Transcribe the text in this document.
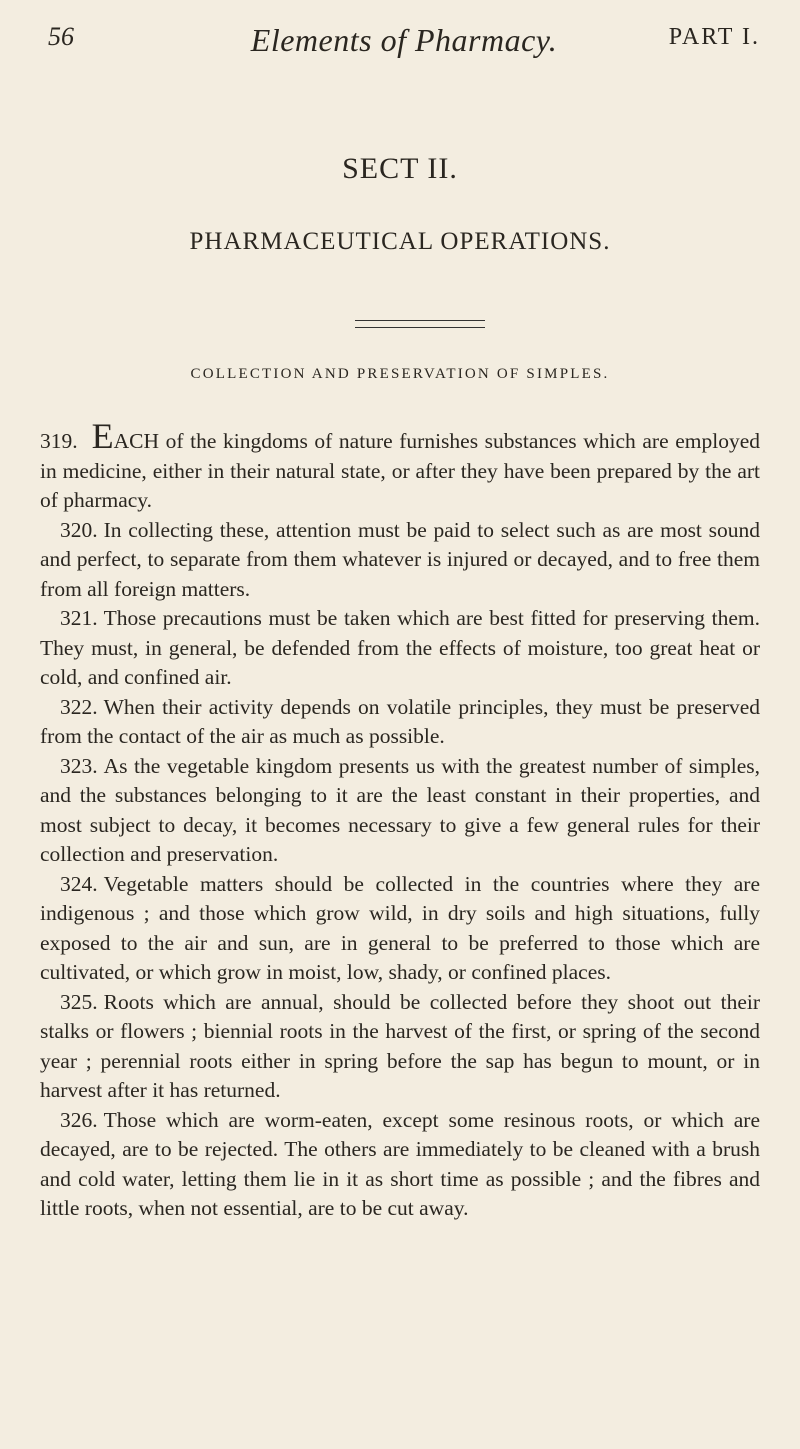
56	Elements of Pharmacy.	PART I.
SECT II.
PHARMACEUTICAL OPERATIONS.
COLLECTION AND PRESERVATION OF SIMPLES.

319. EACH of the kingdoms of nature furnishes substances which are employed in medicine, either in their natural state, or after they have been prepared by the art of pharmacy.

320. In collecting these, attention must be paid to select such as are most sound and perfect, to separate from them whatever is injured or decayed, and to free them from all foreign matters.

321. Those precautions must be taken which are best fitted for preserving them. They must, in general, be defended from the effects of moisture, too great heat or cold, and confined air.

322. When their activity depends on volatile principles, they must be preserved from the contact of the air as much as possible.

323. As the vegetable kingdom presents us with the greatest number of simples, and the substances belonging to it are the least constant in their properties, and most subject to decay, it becomes necessary to give a few general rules for their collection and preservation.

324. Vegetable matters should be collected in the countries where they are indigenous ; and those which grow wild, in dry soils and high situations, fully exposed to the air and sun, are in general to be preferred to those which are cultivated, or which grow in moist, low, shady, or confined places.

325. Roots which are annual, should be collected before they shoot out their stalks or flowers ; biennial roots in the harvest of the first, or spring of the second year ; perennial roots either in spring before the sap has begun to mount, or in harvest after it has returned.

326. Those which are worm-eaten, except some resinous roots, or which are decayed, are to be rejected. The others are immediately to be cleaned with a brush and cold water, letting them lie in it as short time as possible ; and the fibres and little roots, when not essential, are to be cut away.
